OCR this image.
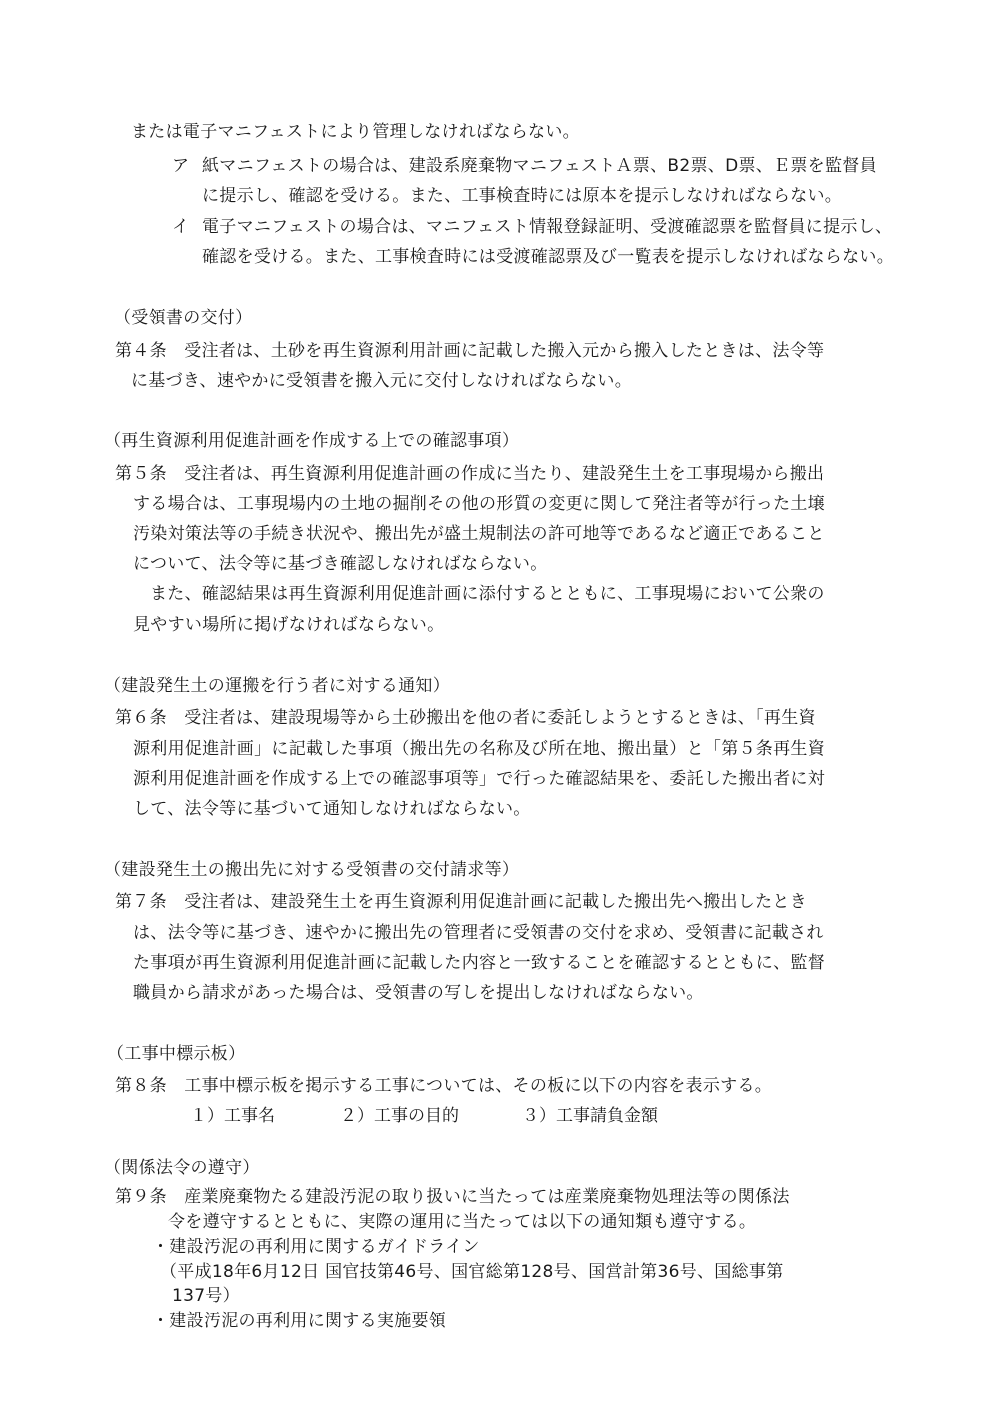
または電子マニフェストにより管理しなければならない。
ア 紙マニフェストの場合は、建設系廃棄物マニフェストＡ票、B2票、D票、Ｅ票を監督員
に提示し、確認を受ける。また、工事検査時には原本を提示しなければならない。
イ 電子マニフェストの場合は、マニフェスト情報登録証明、受渡確認票を監督員に提示し、
確認を受ける。また、工事検査時には受渡確認票及び一覧表を提示しなければならない。
（受領書の交付）
第４条　受注者は、土砂を再生資源利用計画に記載した搬入元から搬入したときは、法令等
に基づき、速やかに受領書を搬入元に交付しなければならない。
（再生資源利用促進計画を作成する上での確認事項）
第５条　受注者は、再生資源利用促進計画の作成に当たり、建設発生土を工事現場から搬出
する場合は、工事現場内の土地の掘削その他の形質の変更に関して発注者等が行った土壌
汚染対策法等の手続き状況や、搬出先が盛土規制法の許可地等であるなど適正であること
について、法令等に基づき確認しなければならない。
また、確認結果は再生資源利用促進計画に添付するとともに、工事現場において公衆の
見やすい場所に掲げなければならない。
（建設発生土の運搬を行う者に対する通知）
第６条　受注者は、建設現場等から土砂搬出を他の者に委託しようとするときは、「再生資
源利用促進計画」に記載した事項（搬出先の名称及び所在地、搬出量）と「第５条再生資
源利用促進計画を作成する上での確認事項等」で行った確認結果を、委託した搬出者に対
して、法令等に基づいて通知しなければならない。
（建設発生土の搬出先に対する受領書の交付請求等）
第７条　受注者は、建設発生土を再生資源利用促進計画に記載した搬出先へ搬出したとき
は、法令等に基づき、速やかに搬出先の管理者に受領書の交付を求め、受領書に記載され
た事項が再生資源利用促進計画に記載した内容と一致することを確認するとともに、監督
職員から請求があった場合は、受領書の写しを提出しなければならない。
（工事中標示板）
第８条　工事中標示板を掲示する工事については、その板に以下の内容を表示する。
１）工事名	２）工事の目的	３）工事請負金額
（関係法令の遵守）
第９条　産業廃棄物たる建設汚泥の取り扱いに当たっては産業廃棄物処理法等の関係法
令を遵守するとともに、実際の運用に当たっては以下の通知類も遵守する。
・建設汚泥の再利用に関するガイドライン
（平成18年6月12日 国官技第46号、国官総第128号、国営計第36号、国総事第
137号）
・建設汚泥の再利用に関する実施要領
